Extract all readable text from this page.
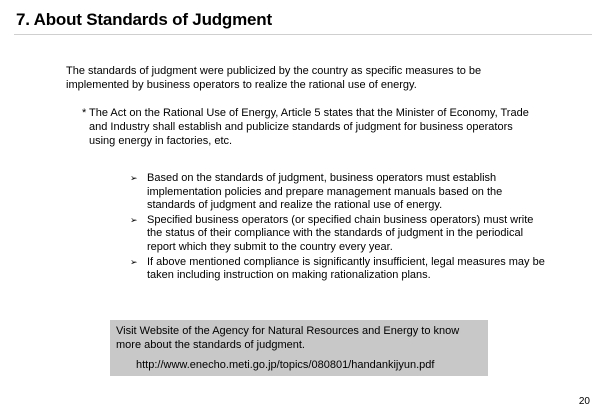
7. About Standards of Judgment
The standards of judgment were publicized by the country as specific measures to be implemented by business operators to realize the rational use of energy.
* The Act on the Rational Use of Energy, Article 5 states that the Minister of Economy, Trade and Industry shall establish and publicize standards of judgment for business operators using energy in factories, etc.
➢ Based on the standards of judgment, business operators must establish implementation policies and prepare management manuals based on the standards of judgment and realize the rational use of energy.
➢ Specified business operators (or specified chain business operators) must write the status of their compliance with the standards of judgment in the periodical report which they submit to the country every year.
➢ If above mentioned compliance is significantly insufficient, legal measures may be taken including instruction on making rationalization plans.
Visit Website of the Agency for Natural Resources and Energy to know more about the standards of judgment.
http://www.enecho.meti.go.jp/topics/080801/handankijyun.pdf
20
